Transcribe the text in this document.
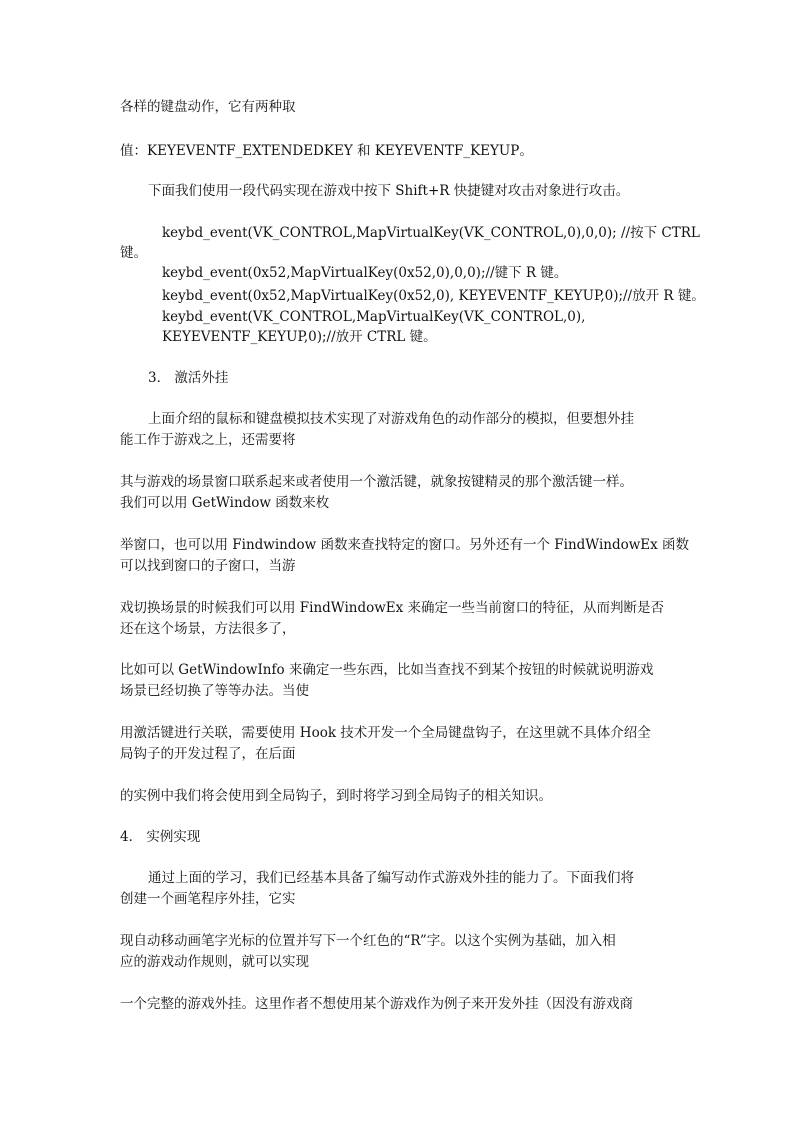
各样的键盘动作，它有两种取

值：KEYEVENTF_EXTENDEDKEY 和 KEYEVENTF_KEYUP。

下面我们使用一段代码实现在游戏中按下 Shift+R 快捷键对攻击对象进行攻击。

keybd_event(VK_CONTROL,MapVirtualKey(VK_CONTROL,0),0,0); //按下 CTRL

键。

keybd_event(0x52,MapVirtualKey(0x52,0),0,0);//键下 R 键。

keybd_event(0x52,MapVirtualKey(0x52,0), KEYEVENTF_KEYUP,0);//放开 R 键。

keybd_event(VK_CONTROL,MapVirtualKey(VK_CONTROL,0),

KEYEVENTF_KEYUP,0);//放开 CTRL 键。

3． 激活外挂

上面介绍的鼠标和键盘模拟技术实现了对游戏角色的动作部分的模拟，但要想外挂

能工作于游戏之上，还需要将

其与游戏的场景窗口联系起来或者使用一个激活键，就象按键精灵的那个激活键一样。

我们可以用 GetWindow 函数来枚

举窗口，也可以用 Findwindow 函数来查找特定的窗口。另外还有一个 FindWindowEx 函数

可以找到窗口的子窗口，当游

戏切换场景的时候我们可以用 FindWindowEx 来确定一些当前窗口的特征，从而判断是否

还在这个场景，方法很多了，

比如可以 GetWindowInfo 来确定一些东西，比如当查找不到某个按钮的时候就说明游戏

场景已经切换了等等办法。当使

用激活键进行关联，需要使用 Hook 技术开发一个全局键盘钩子，在这里就不具体介绍全

局钩子的开发过程了，在后面

的实例中我们将会使用到全局钩子，到时将学习到全局钩子的相关知识。

4． 实例实现

通过上面的学习，我们已经基本具备了编写动作式游戏外挂的能力了。下面我们将

创建一个画笔程序外挂，它实

现自动移动画笔字光标的位置并写下一个红色的“R”字。以这个实例为基础，加入相

应的游戏动作规则，就可以实现

一个完整的游戏外挂。这里作者不想使用某个游戏作为例子来开发外挂（因没有游戏商
